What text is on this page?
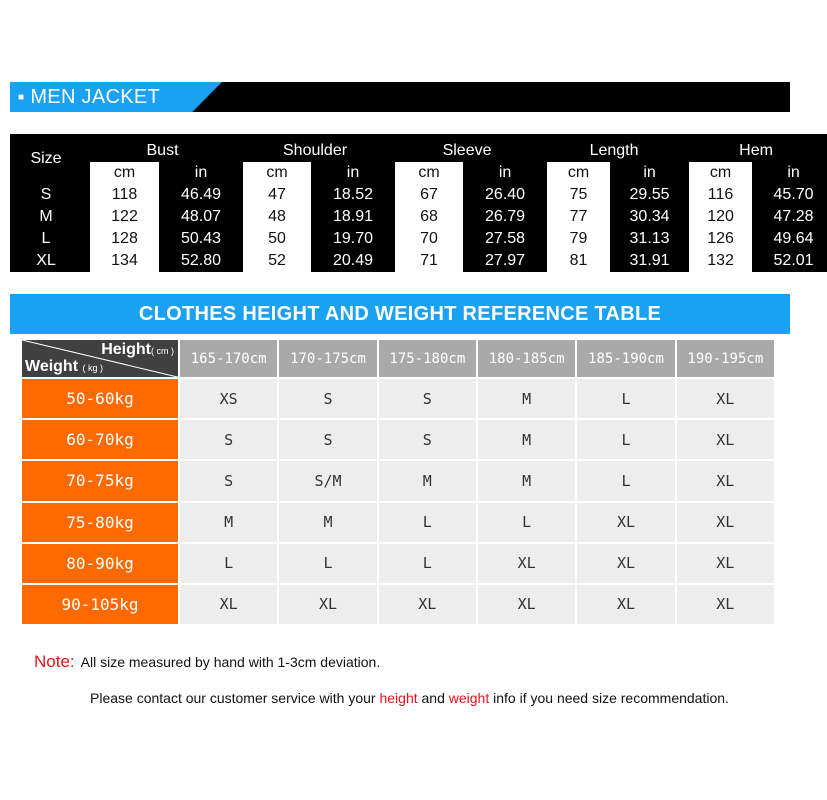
■ MEN JACKET
Size	Bust		Shoulder		Sleeve		Length		Hem	
	cm	in	cm	in	cm	in	cm	in	cm	in
S	118	46.49	47	18.52	67	26.40	75	29.55	116	45.70
M	122	48.07	48	18.91	68	26.79	77	30.34	120	47.28
L	128	50.43	50	19.70	70	27.58	79	31.13	126	49.64
XL	134	52.80	52	20.49	71	27.97	81	31.91	132	52.01
CLOTHES HEIGHT AND WEIGHT REFERENCE TABLE
Height( cm )
Weight ( kg )	165-170cm	170-175cm	175-180cm	180-185cm	185-190cm	190-195cm
50-60kg	XS	S	S	M	L	XL
60-70kg	S	S	S	M	L	XL
70-75kg	S	S/M	M	M	L	XL
75-80kg	M	M	L	L	XL	XL
80-90kg	L	L	L	XL	XL	XL
90-105kg	XL	XL	XL	XL	XL	XL
Note: All size measured by hand with 1-3cm deviation.
Please contact our customer service with your height and weight info if you need size recommendation.
